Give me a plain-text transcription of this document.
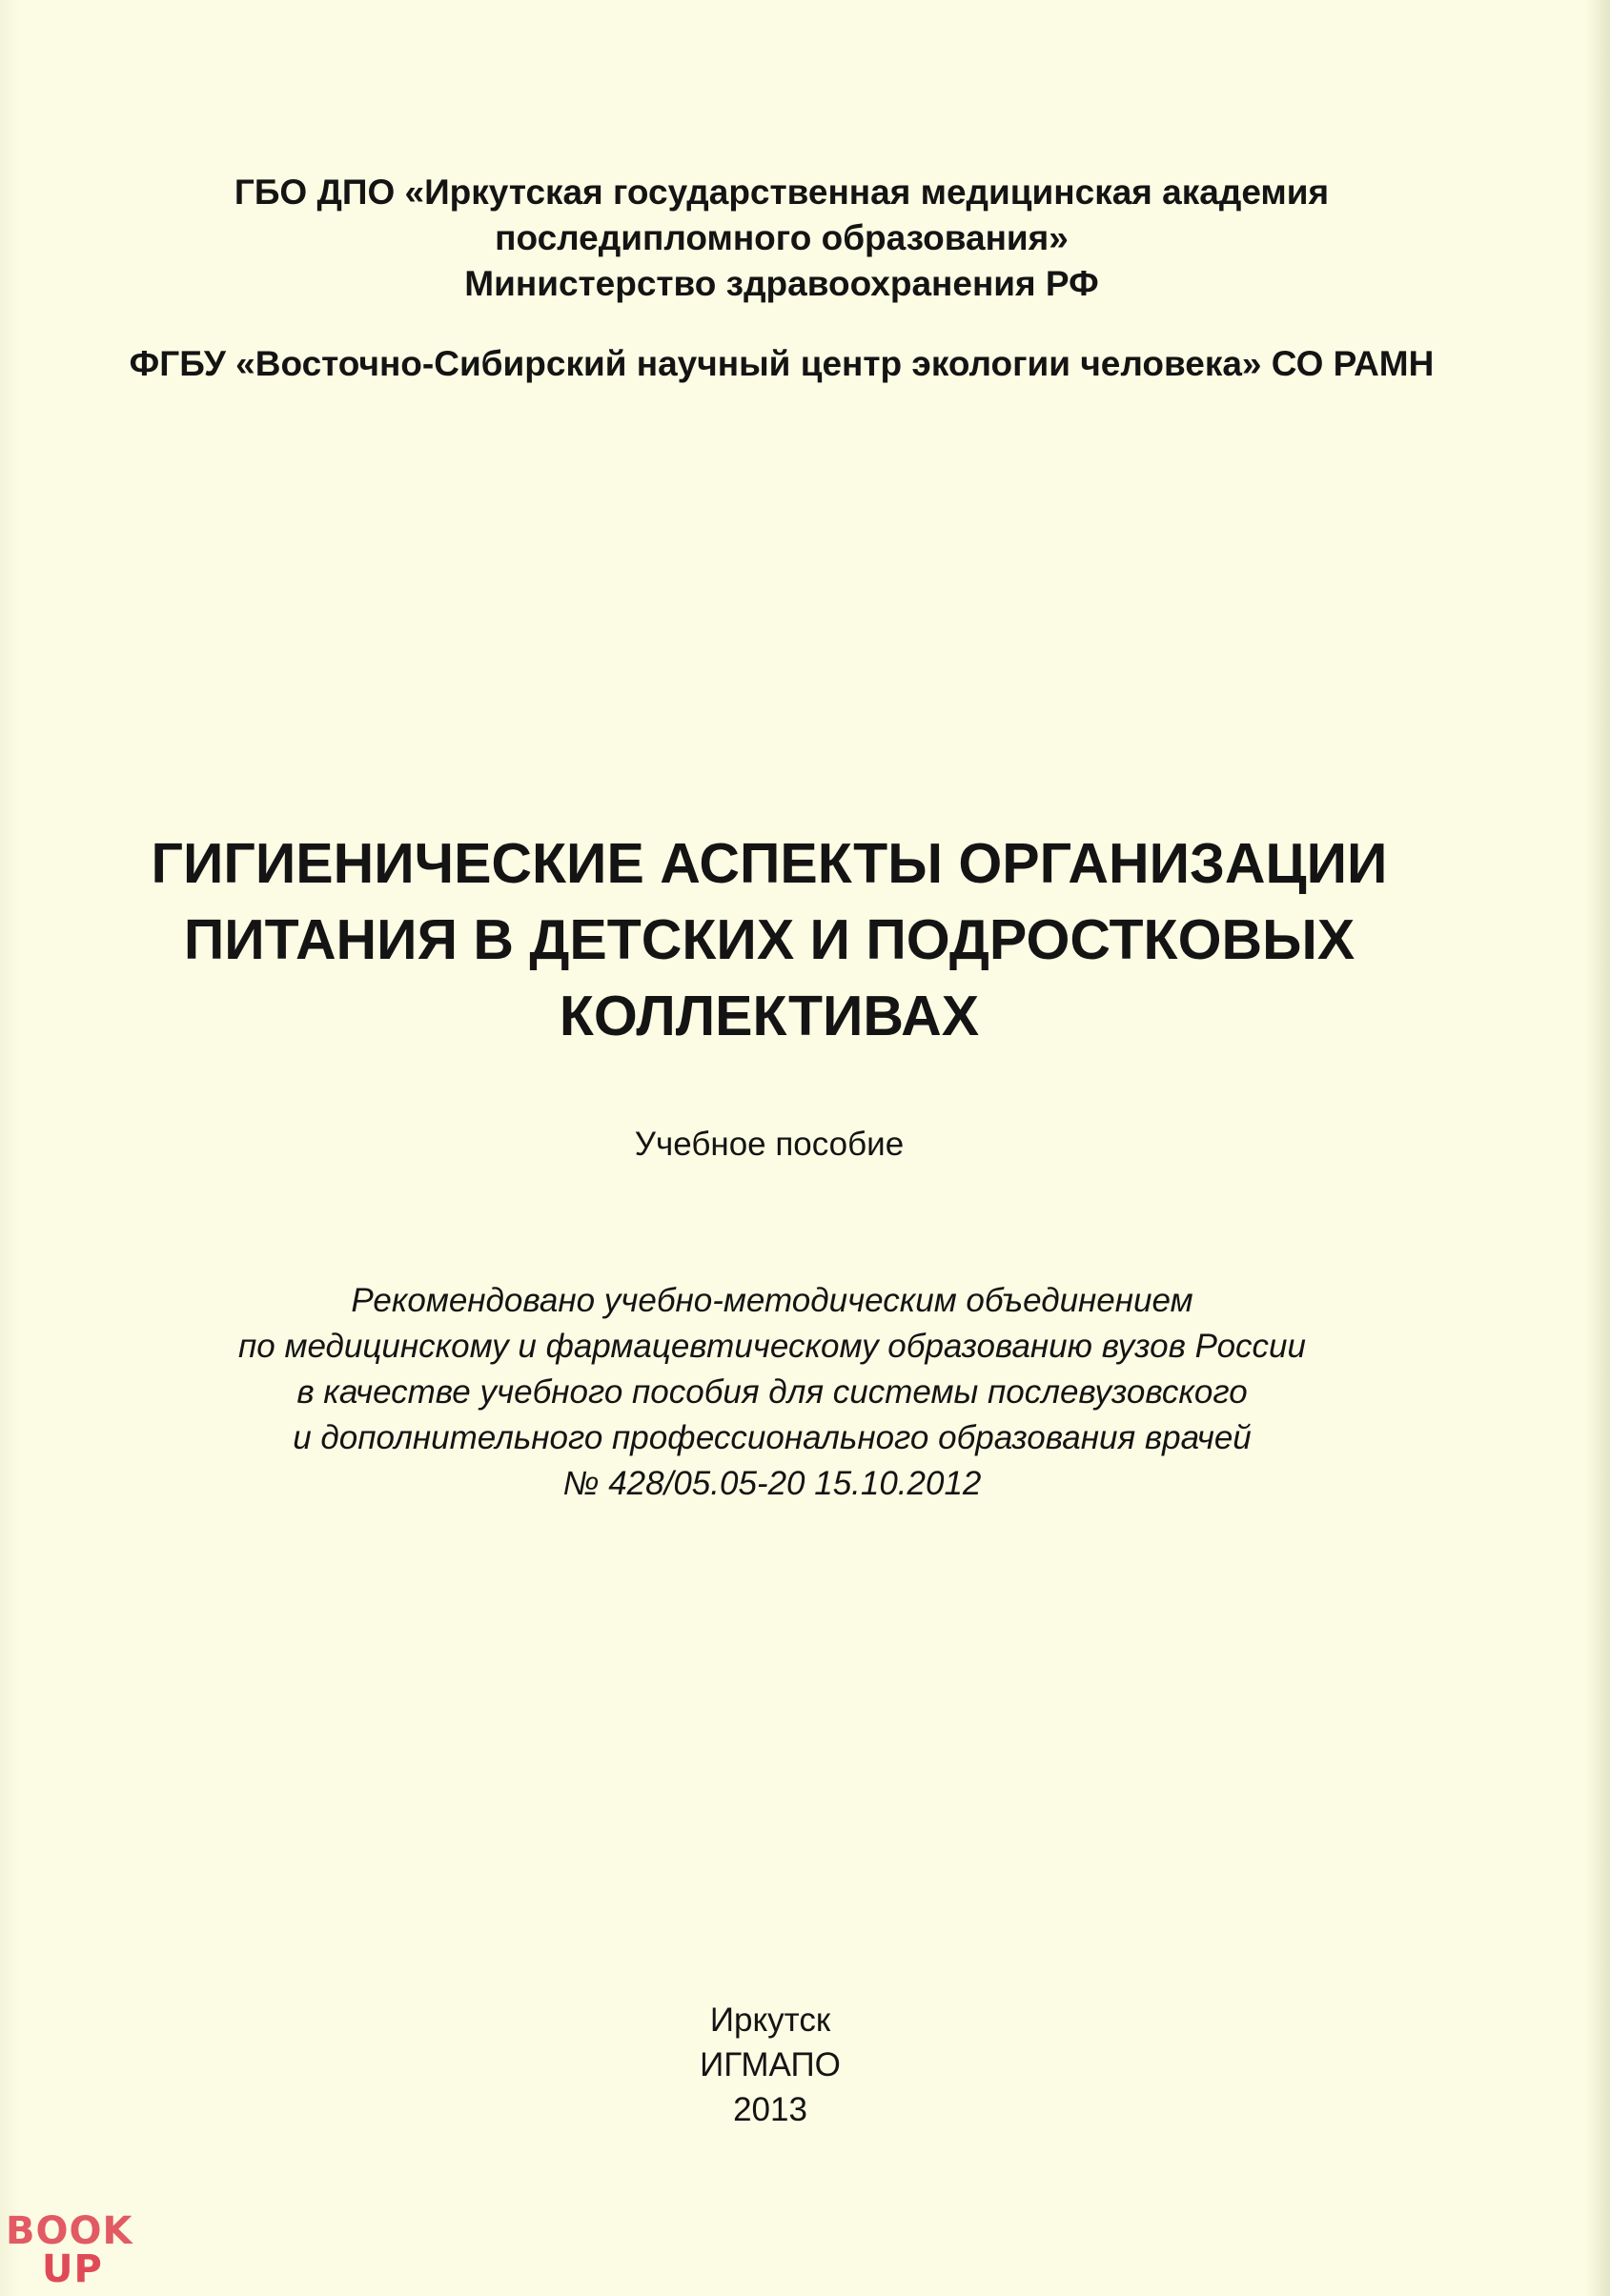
ГБО ДПО «Иркутская государственная медицинская академия
последипломного образования»
Министерство здравоохранения РФ
ФГБУ «Восточно-Сибирский научный центр экологии человека» СО РАМН
ГИГИЕНИЧЕСКИЕ АСПЕКТЫ ОРГАНИЗАЦИИ
ПИТАНИЯ В ДЕТСКИХ И ПОДРОСТКОВЫХ
КОЛЛЕКТИВАХ
Учебное пособие
Рекомендовано учебно-методическим объединением
по медицинскому и фармацевтическому образованию вузов России
в качестве учебного пособия для системы послевузовского
и дополнительного профессионального образования врачей
№ 428/05.05-20 15.10.2012
Иркутск
ИГМАПО
2013
BOOK
UP
